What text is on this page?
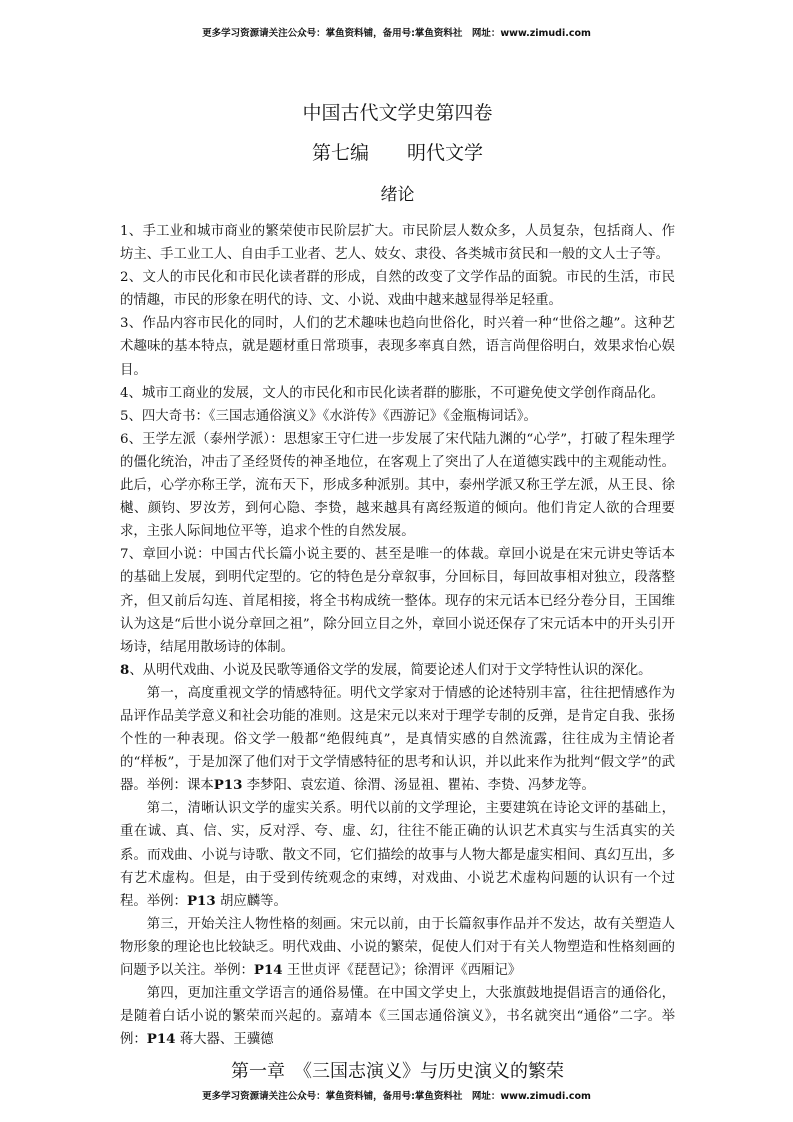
更多学习资源请关注公众号：掌鱼资料铺，备用号:掌鱼资料社　网址：www.zimudi.com
中国古代文学史第四卷
第七编　　明代文学
绪论

1、手工业和城市商业的繁荣使市民阶层扩大。市民阶层人数众多，人员复杂，包括商人、作坊主、手工业工人、自由手工业者、艺人、妓女、隶役、各类城市贫民和一般的文人士子等。

2、文人的市民化和市民化读者群的形成，自然的改变了文学作品的面貌。市民的生活，市民的情趣，市民的形象在明代的诗、文、小说、戏曲中越来越显得举足轻重。

3、作品内容市民化的同时，人们的艺术趣味也趋向世俗化，时兴着一种“世俗之趣”。这种艺术趣味的基本特点，就是题材重日常琐事，表现多率真自然，语言尚俚俗明白，效果求怡心娱目。

4、城市工商业的发展，文人的市民化和市民化读者群的膨胀，不可避免使文学创作商品化。

5、四大奇书：《三国志通俗演义》《水浒传》《西游记》《金瓶梅词话》。

6、王学左派（泰州学派）：思想家王守仁进一步发展了宋代陆九渊的“心学”，打破了程朱理学的僵化统治，冲击了圣经贤传的神圣地位，在客观上了突出了人在道德实践中的主观能动性。此后，心学亦称王学，流布天下，形成多种派别。其中，泰州学派又称王学左派，从王艮、徐樾、颜钧、罗汝芳，到何心隐、李贽，越来越具有离经叛道的倾向。他们肯定人欲的合理要求，主张人际间地位平等，追求个性的自然发展。

7、章回小说：中国古代长篇小说主要的、甚至是唯一的体裁。章回小说是在宋元讲史等话本的基础上发展，到明代定型的。它的特色是分章叙事，分回标目，每回故事相对独立，段落整齐，但又前后勾连、首尾相接，将全书构成统一整体。现存的宋元话本已经分卷分目，王国维认为这是“后世小说分章回之祖”，除分回立目之外，章回小说还保存了宋元话本中的开头引开场诗，结尾用散场诗的体制。

8、从明代戏曲、小说及民歌等通俗文学的发展，简要论述人们对于文学特性认识的深化。

第一，高度重视文学的情感特征。明代文学家对于情感的论述特别丰富，往往把情感作为品评作品美学意义和社会功能的准则。这是宋元以来对于理学专制的反弹，是肯定自我、张扬个性的一种表现。俗文学一般都“绝假纯真”，是真情实感的自然流露，往往成为主情论者的“样板”，于是加深了他们对于文学情感特征的思考和认识，并以此来作为批判“假文学”的武器。举例：课本P13 李梦阳、袁宏道、徐渭、汤显祖、瞿祐、李贽、冯梦龙等。

第二，清晰认识文学的虚实关系。明代以前的文学理论，主要建筑在诗论文评的基础上，重在诚、真、信、实，反对浮、夸、虚、幻，往往不能正确的认识艺术真实与生活真实的关系。而戏曲、小说与诗歌、散文不同，它们描绘的故事与人物大都是虚实相间、真幻互出，多有艺术虚构。但是，由于受到传统观念的束缚，对戏曲、小说艺术虚构问题的认识有一个过程。举例：P13 胡应麟等。

第三，开始关注人物性格的刻画。宋元以前，由于长篇叙事作品并不发达，故有关塑造人物形象的理论也比较缺乏。明代戏曲、小说的繁荣，促使人们对于有关人物塑造和性格刻画的问题予以关注。举例：P14 王世贞评《琵琶记》；徐渭评《西厢记》

第四，更加注重文学语言的通俗易懂。在中国文学史上，大张旗鼓地提倡语言的通俗化，是随着白话小说的繁荣而兴起的。嘉靖本《三国志通俗演义》，书名就突出“通俗”二字。举例：P14 蒋大器、王骥德

第一章　《三国志演义》与历史演义的繁荣
更多学习资源请关注公众号：掌鱼资料铺，备用号:掌鱼资料社　网址：www.zimudi.com
